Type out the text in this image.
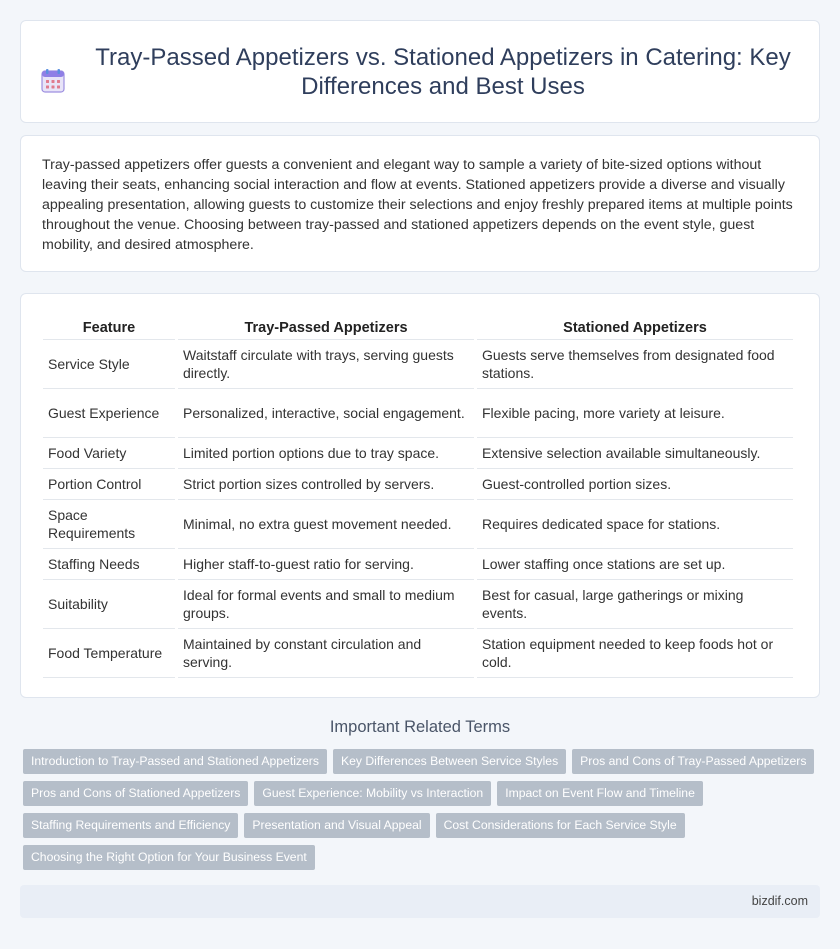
Tray-Passed Appetizers vs. Stationed Appetizers in Catering: Key Differences and Best Uses

Tray-passed appetizers offer guests a convenient and elegant way to sample a variety of bite-sized options without leaving their seats, enhancing social interaction and flow at events. Stationed appetizers provide a diverse and visually appealing presentation, allowing guests to customize their selections and enjoy freshly prepared items at multiple points throughout the venue. Choosing between tray-passed and stationed appetizers depends on the event style, guest mobility, and desired atmosphere.

Feature	Tray-Passed Appetizers	Stationed Appetizers
Service Style	Waitstaff circulate with trays, serving guests directly.	Guests serve themselves from designated food stations.
Guest Experience	Personalized, interactive, social engagement.	Flexible pacing, more variety at leisure.
Food Variety	Limited portion options due to tray space.	Extensive selection available simultaneously.
Portion Control	Strict portion sizes controlled by servers.	Guest-controlled portion sizes.
Space Requirements	Minimal, no extra guest movement needed.	Requires dedicated space for stations.
Staffing Needs	Higher staff-to-guest ratio for serving.	Lower staffing once stations are set up.
Suitability	Ideal for formal events and small to medium groups.	Best for casual, large gatherings or mixing events.
Food Temperature	Maintained by constant circulation and serving.	Station equipment needed to keep foods hot or cold.
Important Related Terms
Introduction to Tray-Passed and Stationed Appetizers Key Differences Between Service Styles Pros and Cons of Tray-Passed AppetizersPros and Cons of Stationed Appetizers Guest Experience: Mobility vs Interaction Impact on Event Flow and TimelineStaffing Requirements and Efficiency Presentation and Visual Appeal Cost Considerations for Each Service StyleChoosing the Right Option for Your Business Event
bizdif.com
